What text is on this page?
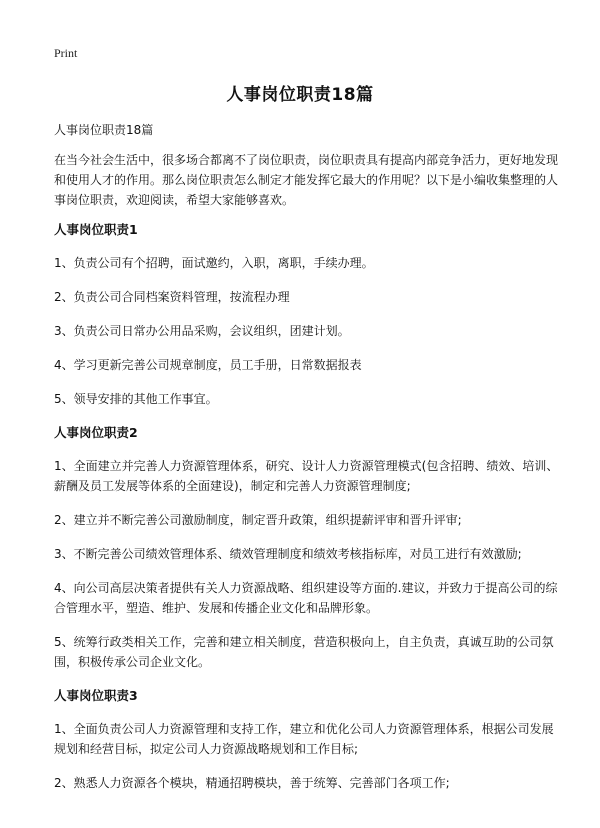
Print
人事岗位职责18篇

人事岗位职责18篇

在当今社会生活中，很多场合都离不了岗位职责，岗位职责具有提高内部竞争活力，更好地发现和使用人才的作用。那么岗位职责怎么制定才能发挥它最大的作用呢？以下是小编收集整理的人事岗位职责，欢迎阅读，希望大家能够喜欢。

人事岗位职责1

1、负责公司有个招聘，面试邀约，入职，离职，手续办理。

2、负责公司合同档案资料管理，按流程办理

3、负责公司日常办公用品采购，会议组织，团建计划。

4、学习更新完善公司规章制度，员工手册，日常数据报表

5、领导安排的其他工作事宜。

人事岗位职责2

1、全面建立并完善人力资源管理体系，研究、设计人力资源管理模式(包含招聘、绩效、培训、薪酬及员工发展等体系的全面建设)，制定和完善人力资源管理制度;

2、建立并不断完善公司激励制度，制定晋升政策，组织提薪评审和晋升评审;

3、不断完善公司绩效管理体系、绩效管理制度和绩效考核指标库，对员工进行有效激励;

4、向公司高层决策者提供有关人力资源战略、组织建设等方面的.建议，并致力于提高公司的综合管理水平，塑造、维护、发展和传播企业文化和品牌形象。

5、统筹行政类相关工作，完善和建立相关制度，营造积极向上，自主负责，真诚互助的公司氛围，积极传承公司企业文化。

人事岗位职责3

1、全面负责公司人力资源管理和支持工作，建立和优化公司人力资源管理体系，根据公司发展规划和经营目标，拟定公司人力资源战略规划和工作目标;

2、熟悉人力资源各个模块，精通招聘模块，善于统筹、完善部门各项工作;
